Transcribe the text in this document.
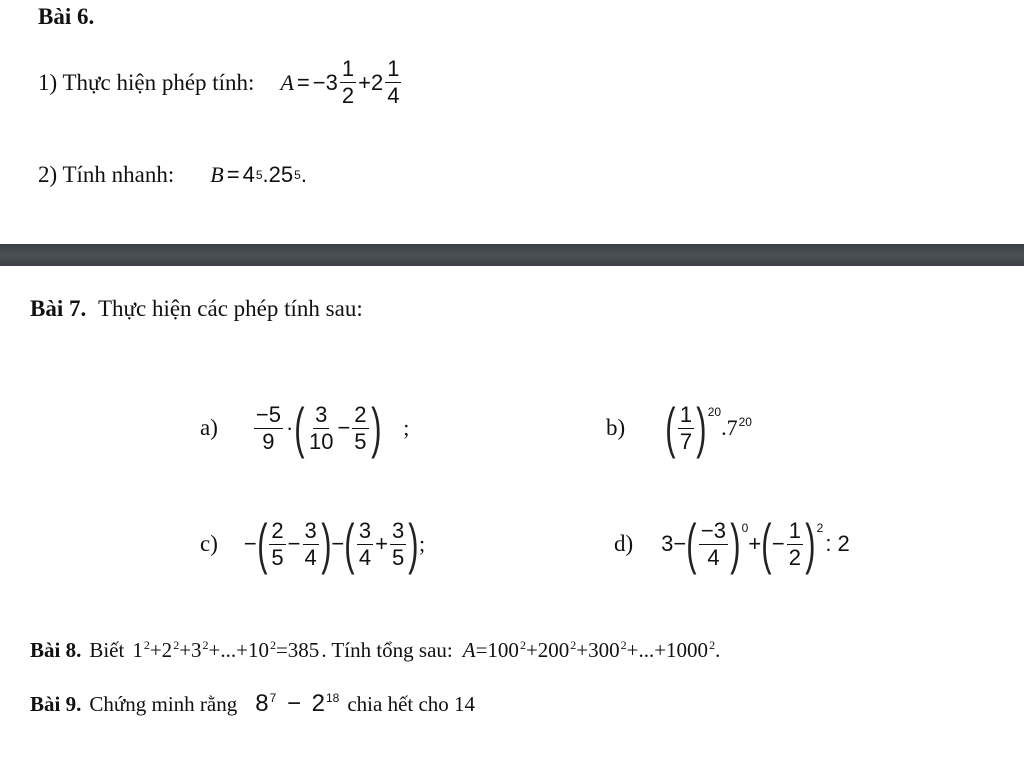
Bài 6.
1) Thực hiện phép tính: $A = -3 \frac{1}{2} + 2 \frac{1}{4}$
2) Tính nhanh: B = 4 5 . 25 5 .
Bài 7. Thực hiện các phép tính sau:
$a) \frac{-5}{9}$ · ( $\frac{3}{10} - \frac{2}{5}$ ) ;	b) ( $\frac{1}{7} )^{20}$
$.7^{20}$
c) − ( $\frac{2}{5} - \frac{3}{4}$ ) − ( $\frac{3}{4} + \frac{3}{5}$ ) ;	d) 3− ( $\frac{-3}{4} )^0$
+ ( − $\frac{1}{2} )^2$
: 2
Bài 8. Biết $1^2+2^2+3^2+...+10^2=385$ . Tính tổng sau: $A=100^2+200^2+300^2+...+1000^2$.
Bài 9. Chứng minh rằng $8^7 - 2^{18}$ chia hết cho 14
